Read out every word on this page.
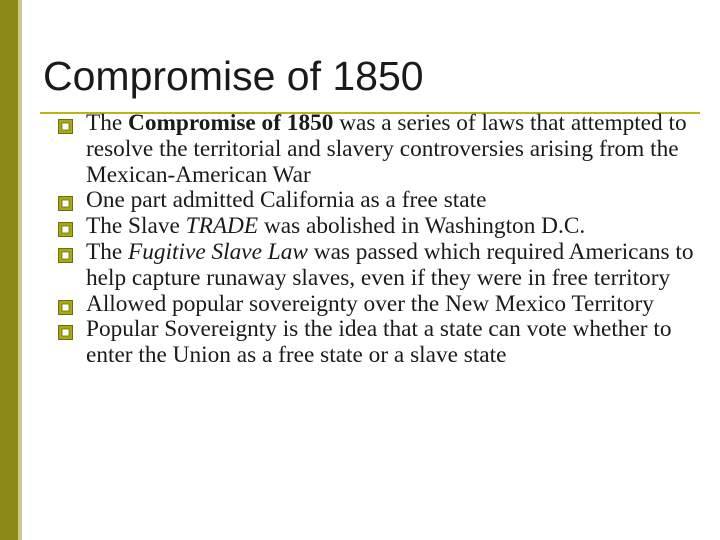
Compromise of 1850
The Compromise of 1850 was a series of laws that attempted to resolve the territorial and slavery controversies arising from the Mexican-American War
One part admitted California as a free state
The Slave TRADE was abolished in Washington D.C.
The Fugitive Slave Law was passed which required Americans to help capture runaway slaves, even if they were in free territory
Allowed popular sovereignty over the New Mexico Territory
Popular Sovereignty is the idea that a state can vote whether to enter the Union as a free state or a slave state
